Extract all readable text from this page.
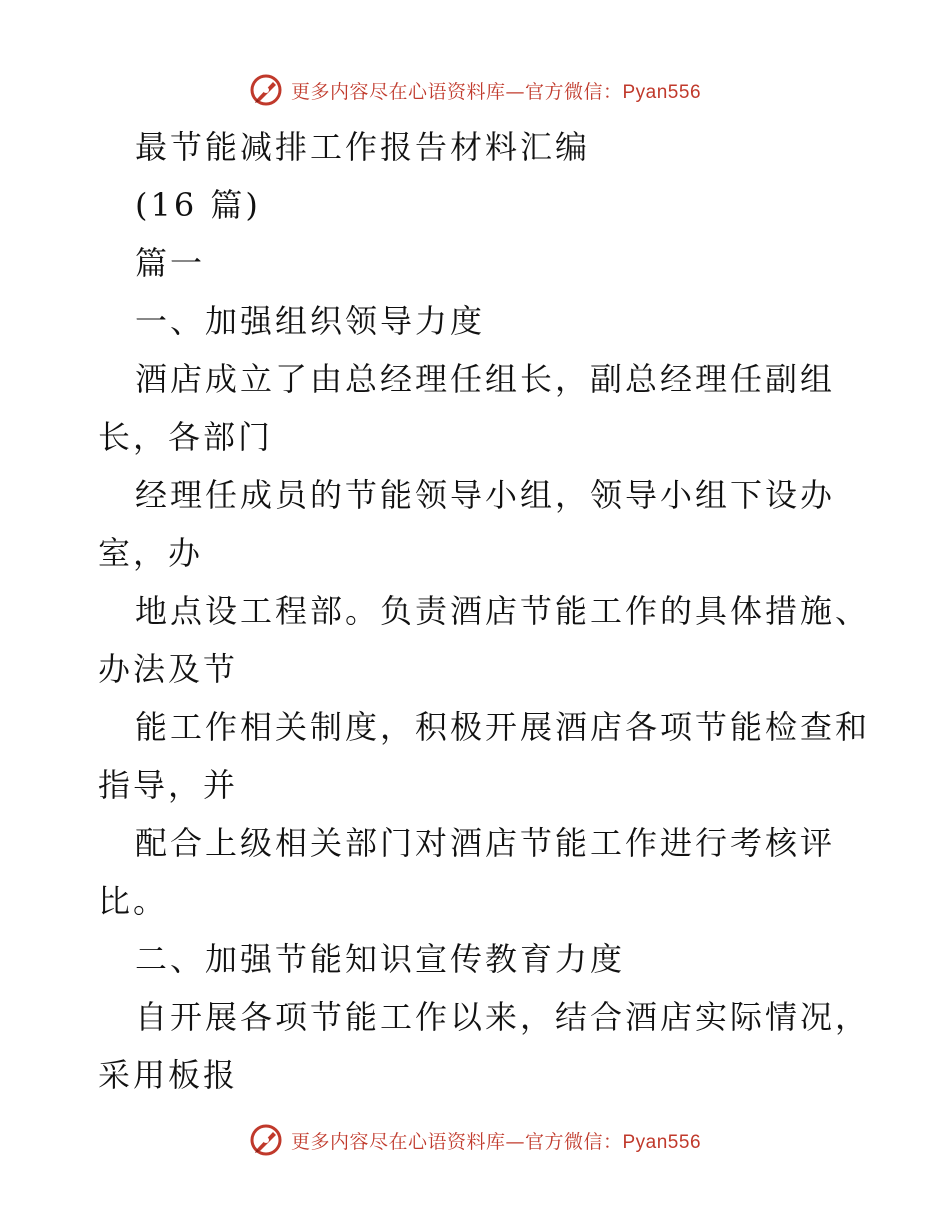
更多内容尽在心语资料库—官方微信：Pyan556
最节能减排工作报告材料汇编
(16 篇)
篇一
一、加强组织领导力度
酒店成立了由总经理任组长，副总经理任副组
长，各部门
经理任成员的节能领导小组，领导小组下设办
室，办
地点设工程部。负责酒店节能工作的具体措施、
办法及节
能工作相关制度，积极开展酒店各项节能检查和
指导，并
配合上级相关部门对酒店节能工作进行考核评
比。
二、加强节能知识宣传教育力度
自开展各项节能工作以来，结合酒店实际情况，
采用板报
更多内容尽在心语资料库—官方微信：Pyan556
